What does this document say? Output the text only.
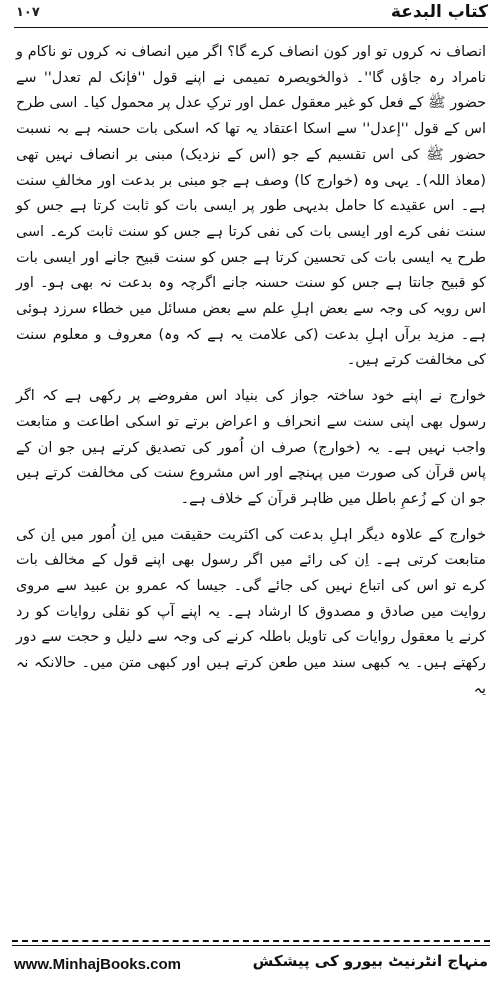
۱۰۷	کتاب البدعة

انصاف نہ کروں تو اور کون انصاف کرے گا؟ اگر میں انصاف نہ کروں تو ناکام و نامراد رہ جاؤں گا''۔ ذوالخویصرہ تمیمی نے اپنے قول ''فإنک لم تعدل'' سے حضور ﷺ کے فعل کو غیر معقول عمل اور ترکِ عدل پر محمول کیا۔ اسی طرح اس کے قول ''إعدل'' سے اسکا اعتقاد یہ تھا کہ اسکی بات حسنہ ہے بہ نسبت حضور ﷺ کی اس تقسیم کے جو (اس کے نزدیک) مبنی بر انصاف نہیں تھی (معاذ اللہ)۔ یہی وہ (خوارج کا) وصف ہے جو مبنی بر بدعت اور مخالفِ سنت ہے۔ اس عقیدے کا حامل بدیہی طور پر ایسی بات کو ثابت کرتا ہے جس کو سنت نفی کرے اور ایسی بات کی نفی کرتا ہے جس کو سنت ثابت کرے۔ اسی طرح یہ ایسی بات کی تحسین کرتا ہے جس کو سنت قبیح جانے اور ایسی بات کو قبیح جانتا ہے جس کو سنت حسنہ جانے اگرچہ وہ بدعت نہ بھی ہو۔ اور اس رویہ کی وجہ سے بعض اہلِ علم سے بعض مسائل میں خطاء سرزد ہوئی ہے۔ مزید برآں اہلِ بدعت (کی علامت یہ ہے کہ وہ) معروف و معلوم سنت کی مخالفت کرتے ہیں۔

خوارج نے اپنے خود ساختہ جواز کی بنیاد اس مفروضے پر رکھی ہے کہ اگر رسول بھی اپنی سنت سے انحراف و اعراض برتے تو اسکی اطاعت و متابعت واجب نہیں ہے۔ یہ (خوارج) صرف ان اُمور کی تصدیق کرتے ہیں جو ان کے پاس قرآن کی صورت میں پہنچے اور اس مشروع سنت کی مخالفت کرتے ہیں جو ان کے زُعمِ باطل میں ظاہر قرآن کے خلاف ہے۔

خوارج کے علاوہ دیگر اہلِ بدعت کی اکثریت حقیقت میں اِن اُمور میں اِن کی متابعت کرتی ہے۔ اِن کی رائے میں اگر رسول بھی اپنے قول کے مخالف بات کرے تو اس کی اتباع نہیں کی جائے گی۔ جیسا کہ عمرو بن عبید سے مروی روایت میں صادق و مصدوق کا ارشاد ہے۔ یہ اپنے آپ کو نقلی روایات کو رد کرنے یا معقول روایات کی تاویل باطلہ کرنے کی وجہ سے دلیل و حجت سے دور رکھتے ہیں۔ یہ کبھی سند میں طعن کرتے ہیں اور کبھی متن میں۔ حالانکہ نہ یہ

www.MinhajBooks.com	منہاج انٹرنیٹ بیورو کی پیشکش
